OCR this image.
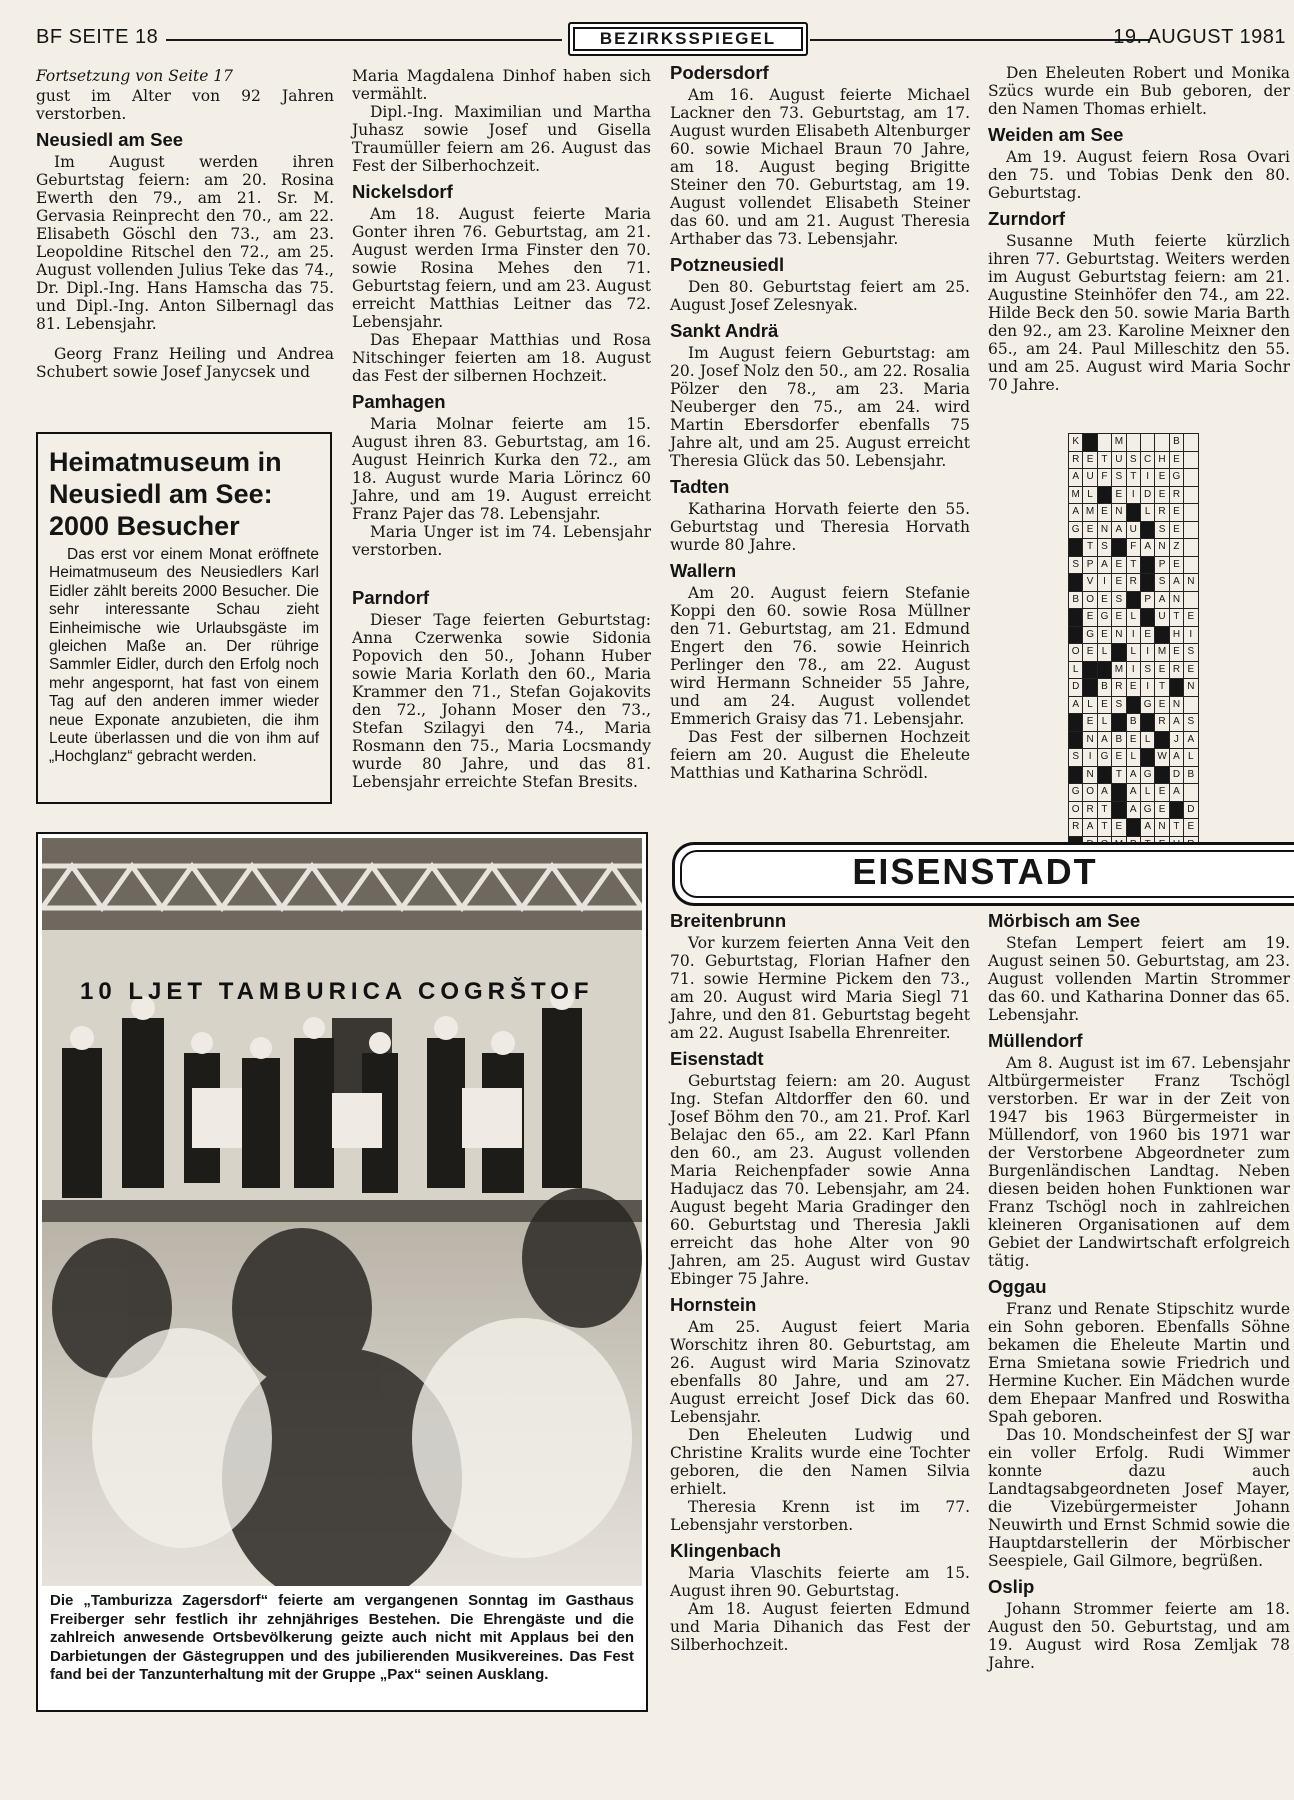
BF SEITE 18	BEZIRKSSPIEGEL	19. AUGUST 1981

Fortsetzung von Seite 17

gust im Alter von 92 Jahren verstorben.

Neusiedl am See

Im August werden ihren Geburtstag feiern: am 20. Rosina Ewerth den 79., am 21. Sr. M. Gervasia Reinprecht den 70., am 22. Elisabeth Göschl den 73., am 23. Leopoldine Ritschel den 72., am 25. August vollenden Julius Teke das 74., Dr. Dipl.-Ing. Hans Hamscha das 75. und Dipl.-Ing. Anton Silbernagl das 81. Lebensjahr.

Georg Franz Heiling und Andrea Schubert sowie Josef Janycsek und

Heimatmuseum in Neusiedl am See: 2000 Besucher

Das erst vor einem Monat eröffnete Heimatmuseum des Neusiedlers Karl Eidler zählt bereits 2000 Besucher. Die sehr interessante Schau zieht Einheimische wie Urlaubsgäste im gleichen Maße an. Der rührige Sammler Eidler, durch den Erfolg noch mehr angespornt, hat fast von einem Tag auf den anderen immer wieder neue Exponate anzubieten, die ihm Leute überlassen und die von ihm auf „Hochglanz“ gebracht werden.

Maria Magdalena Dinhof haben sich vermählt.

Dipl.-Ing. Maximilian und Martha Juhasz sowie Josef und Gisella Traumüller feiern am 26. August das Fest der Silberhochzeit.

Nickelsdorf

Am 18. August feierte Maria Gonter ihren 76. Geburtstag, am 21. August werden Irma Finster den 70. sowie Rosina Mehes den 71. Geburtstag feiern, und am 23. August erreicht Matthias Leitner das 72. Lebensjahr.

Das Ehepaar Matthias und Rosa Nitschinger feierten am 18. August das Fest der silbernen Hochzeit.

Pamhagen

Maria Molnar feierte am 15. August ihren 83. Geburtstag, am 16. August Heinrich Kurka den 72., am 18. August wurde Maria Lörincz 60 Jahre, und am 19. August erreicht Franz Pajer das 78. Lebensjahr.

Maria Unger ist im 74. Lebensjahr verstorben.

Parndorf

Dieser Tage feierten Geburtstag: Anna Czerwenka sowie Sidonia Popovich den 50., Johann Huber sowie Maria Korlath den 60., Maria Krammer den 71., Stefan Gojakovits den 72., Johann Moser den 73., Stefan Szilagyi den 74., Maria Rosmann den 75., Maria Locsmandy wurde 80 Jahre, und das 81. Lebensjahr erreichte Stefan Bresits.

Podersdorf

Am 16. August feierte Michael Lackner den 73. Geburtstag, am 17. August wurden Elisabeth Altenburger 60. sowie Michael Braun 70 Jahre, am 18. August beging Brigitte Steiner den 70. Geburtstag, am 19. August vollendet Elisabeth Steiner das 60. und am 21. August Theresia Arthaber das 73. Lebensjahr.

Potzneusiedl

Den 80. Geburtstag feiert am 25. August Josef Zelesnyak.

Sankt Andrä

Im August feiern Geburtstag: am 20. Josef Nolz den 50., am 22. Rosalia Pölzer den 78., am 23. Maria Neuberger den 75., am 24. wird Martin Ebersdorfer ebenfalls 75 Jahre alt, und am 25. August erreicht Theresia Glück das 50. Lebensjahr.

Tadten

Katharina Horvath feierte den 55. Geburtstag und Theresia Horvath wurde 80 Jahre.

Wallern

Am 20. August feiern Stefanie Koppi den 60. sowie Rosa Müllner den 71. Geburtstag, am 21. Edmund Engert den 76. sowie Heinrich Perlinger den 78., am 22. August wird Hermann Schneider 55 Jahre, und am 24. August vollendet Emmerich Graisy das 71. Lebensjahr.

Das Fest der silbernen Hochzeit feiern am 20. August die Eheleute Matthias und Katharina Schrödl.

Den Eheleuten Robert und Monika Szücs wurde ein Bub geboren, der den Namen Thomas erhielt.

Weiden am See

Am 19. August feiern Rosa Ovari den 75. und Tobias Denk den 80. Geburtstag.

Zurndorf

Susanne Muth feierte kürzlich ihren 77. Geburtstag. Weiters werden im August Geburtstag feiern: am 21. Augustine Steinhöfer den 74., am 22. Hilde Beck den 50. sowie Maria Barth den 92., am 23. Karoline Meixner den 65., am 24. Paul Milleschitz den 55. und am 25. August wird Maria Sochr 70 Jahre.

K			M				B	
R	E	T	U	S	C	H	E	
A	U	F	S	T	I	E	G	
M	L		E	I	D	E	R	
A	M	E	N		L	R	E	
G	E	N	A	U		S	E	
	T	S		F	A	N	Z	
S	P	A	E	T		P	E	
	V	I	E	R		S	A	N
B	O	E	S		P	A	N	
	E	G	E	L		U	T	E
	G	E	N	I	E		H	I
O	E	L		L	I	M	E	S
L			M	I	S	E	R	E
D		B	R	E	I	T		N
A	L	E	S		G	E	N	
	E	L		B		R	A	S
	N	A	B	E	L		J	A
S	I	G	E	L		W	A	L
	N		T	A	G		D	B
G	O	A		A	L	E	A	
O	R	T		A	G	E		D
R	A	T	E		A	N	T	E

10 LJET TAMBURICA COGRŠTOF
Die „Tamburizza Zagersdorf“ feierte am vergangenen Sonntag im Gasthaus Freiberger sehr festlich ihr zehnjähriges Bestehen. Die Ehrengäste und die zahlreich anwesende Ortsbevölkerung geizte auch nicht mit Applaus bei den Darbietungen der Gästegruppen und des jubilierenden Musikvereines. Das Fest fand bei der Tanzunterhaltung mit der Gruppe „Pax“ seinen Ausklang.
EISENSTADT
Breitenbrunn

Vor kurzem feierten Anna Veit den 70. Geburtstag, Florian Hafner den 71. sowie Hermine Pickem den 73., am 20. August wird Maria Siegl 71 Jahre, und den 81. Geburtstag begeht am 22. August Isabella Ehrenreiter.

Eisenstadt

Geburtstag feiern: am 20. August Ing. Stefan Altdorffer den 60. und Josef Böhm den 70., am 21. Prof. Karl Belajac den 65., am 22. Karl Pfann den 60., am 23. August vollenden Maria Reichenpfader sowie Anna Hadujacz das 70. Lebensjahr, am 24. August begeht Maria Gradinger den 60. Geburtstag und Theresia Jakli erreicht das hohe Alter von 90 Jahren, am 25. August wird Gustav Ebinger 75 Jahre.

Hornstein

Am 25. August feiert Maria Worschitz ihren 80. Geburtstag, am 26. August wird Maria Szinovatz ebenfalls 80 Jahre, und am 27. August erreicht Josef Dick das 60. Lebensjahr.

Den Eheleuten Ludwig und Christine Kralits wurde eine Tochter geboren, die den Namen Silvia erhielt.

Theresia Krenn ist im 77. Lebensjahr verstorben.

Klingenbach

Maria Vlaschits feierte am 15. August ihren 90. Geburtstag.

Am 18. August feierten Edmund und Maria Dihanich das Fest der Silberhochzeit.

Mörbisch am See

Stefan Lempert feiert am 19. August seinen 50. Geburtstag, am 23. August vollenden Martin Strommer das 60. und Katharina Donner das 65. Lebensjahr.

Müllendorf

Am 8. August ist im 67. Lebensjahr Altbürgermeister Franz Tschögl verstorben. Er war in der Zeit von 1947 bis 1963 Bürgermeister in Müllendorf, von 1960 bis 1971 war der Verstorbene Abgeordneter zum Burgenländischen Landtag. Neben diesen beiden hohen Funktionen war Franz Tschögl noch in zahlreichen kleineren Organisationen auf dem Gebiet der Landwirtschaft erfolgreich tätig.

Oggau

Franz und Renate Stipschitz wurde ein Sohn geboren. Ebenfalls Söhne bekamen die Eheleute Martin und Erna Smietana sowie Friedrich und Hermine Kucher. Ein Mädchen wurde dem Ehepaar Manfred und Roswitha Spah geboren.

Das 10. Mondscheinfest der SJ war ein voller Erfolg. Rudi Wimmer konnte dazu auch Landtagsabgeordneten Josef Mayer, die Vizebürgermeister Johann Neuwirth und Ernst Schmid sowie die Hauptdarstellerin der Mörbischer Seespiele, Gail Gilmore, begrüßen.

Oslip

Johann Strommer feierte am 18. August den 50. Geburtstag, und am 19. August wird Rosa Zemljak 78 Jahre.
